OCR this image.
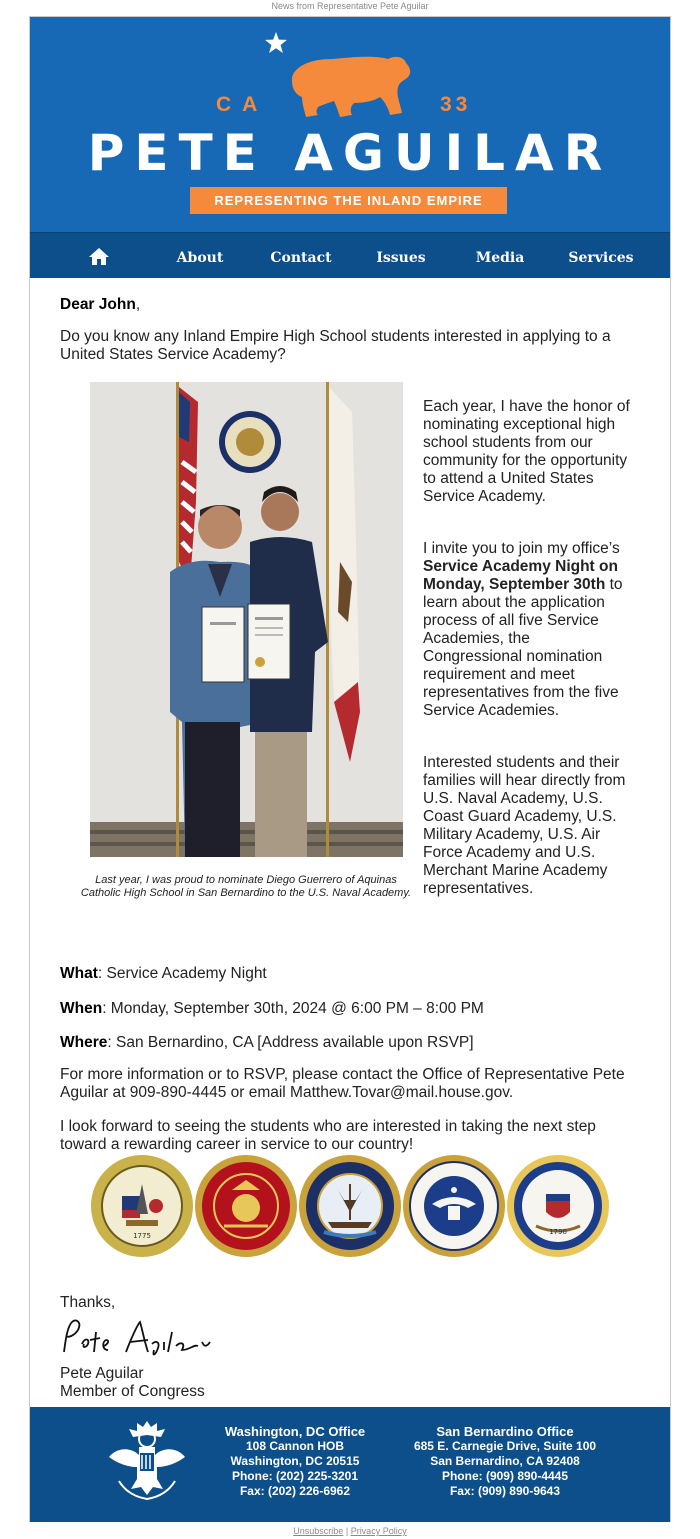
News from Representative Pete Aguilar
CA	33
PETE AGUILAR
REPRESENTING THE INLAND EMPIRE
About	Contact	Issues	Media	Services
Dear John,
Do you know any Inland Empire High School students interested in applying to a United States Service Academy?
Last year, I was proud to nominate Diego Guerrero of Aquinas Catholic High School in San Bernardino to the U.S. Naval Academy.
Each year, I have the honor of nominating exceptional high school students from our community for the opportunity to attend a United States Service Academy.
I invite you to join my office’s Service Academy Night on Monday, September 30th to learn about the application process of all five Service Academies, the Congressional nomination requirement and meet representatives from the five Service Academies.
Interested students and their families will hear directly from U.S. Naval Academy, U.S. Coast Guard Academy, U.S. Military Academy, U.S. Air Force Academy and U.S. Merchant Marine Academy representatives.
What: Service Academy Night
When: Monday, September 30th, 2024 @ 6:00 PM – 8:00 PM
Where: San Bernardino, CA [Address available upon RSVP]
For more information or to RSVP, please contact the Office of Representative Pete Aguilar at 909-890-4445 or email Matthew.Tovar@mail.house.gov.
I look forward to seeing the students who are interested in taking the next step toward a rewarding career in service to our country!
1775	1790
Thanks,
Pete Aguilar
Member of Congress
Washington, DC Office
108 Cannon HOB
Washington, DC 20515
Phone: (202) 225-3201
Fax: (202) 226-6962
San Bernardino Office
685 E. Carnegie Drive, Suite 100
San Bernardino, CA 92408
Phone: (909) 890-4445
Fax: (909) 890-9643
Unsubscribe | Privacy Policy
